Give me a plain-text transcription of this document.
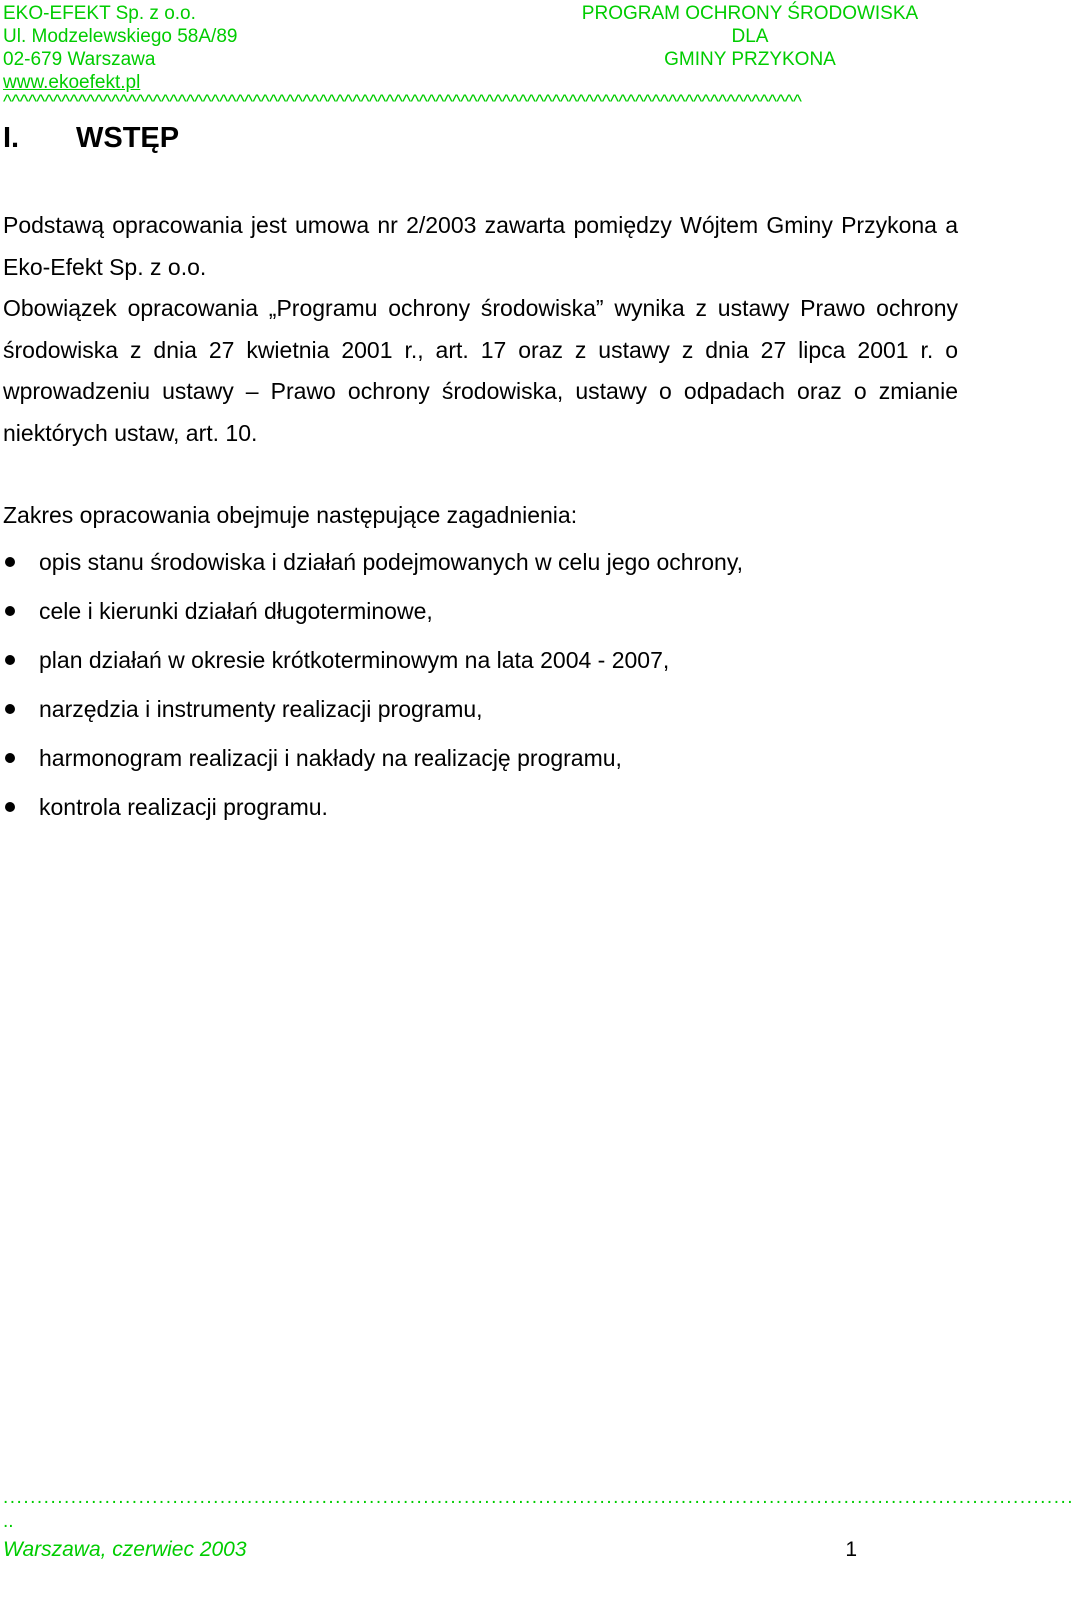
EKO-EFEKT Sp. z o.o.
Ul. Modzelewskiego 58A/89
02-679 Warszawa
www.ekoefekt.pl
PROGRAM OCHRONY ŚRODOWISKA
DLA
GMINY PRZYKONA
^^^^^^^^^^^^^^^^^^^^^^^^^^^^^^^^^^^^^^^^^^^^^^^^^^^^^^^^^^^^^^^^^^^^^^^^^^^^^^^^^^^^^^^^^^^^^^^^
I. WSTĘP

Podstawą opracowania jest umowa nr 2/2003 zawarta pomiędzy Wójtem Gminy Przykona a Eko-Efekt Sp. z o.o.

Obowiązek opracowania „Programu ochrony środowiska” wynika z ustawy Prawo ochrony środowiska z dnia 27 kwietnia 2001 r., art. 17 oraz z ustawy z dnia 27 lipca 2001 r. o wprowadzeniu ustawy – Prawo ochrony środowiska, ustawy o odpadach oraz o zmianie niektórych ustaw, art. 10.

Zakres opracowania obejmuje następujące zagadnienia:

opis stanu środowiska i działań podejmowanych w celu jego ochrony,
cele i kierunki działań długoterminowe,
plan działań w okresie krótkoterminowym na lata 2004 - 2007,
narzędzia i instrumenty realizacji programu,
harmonogram realizacji i nakłady na realizację programu,
kontrola realizacji programu.
..............................................................................................................................................................
..
Warszawa, czerwiec 2003	1
